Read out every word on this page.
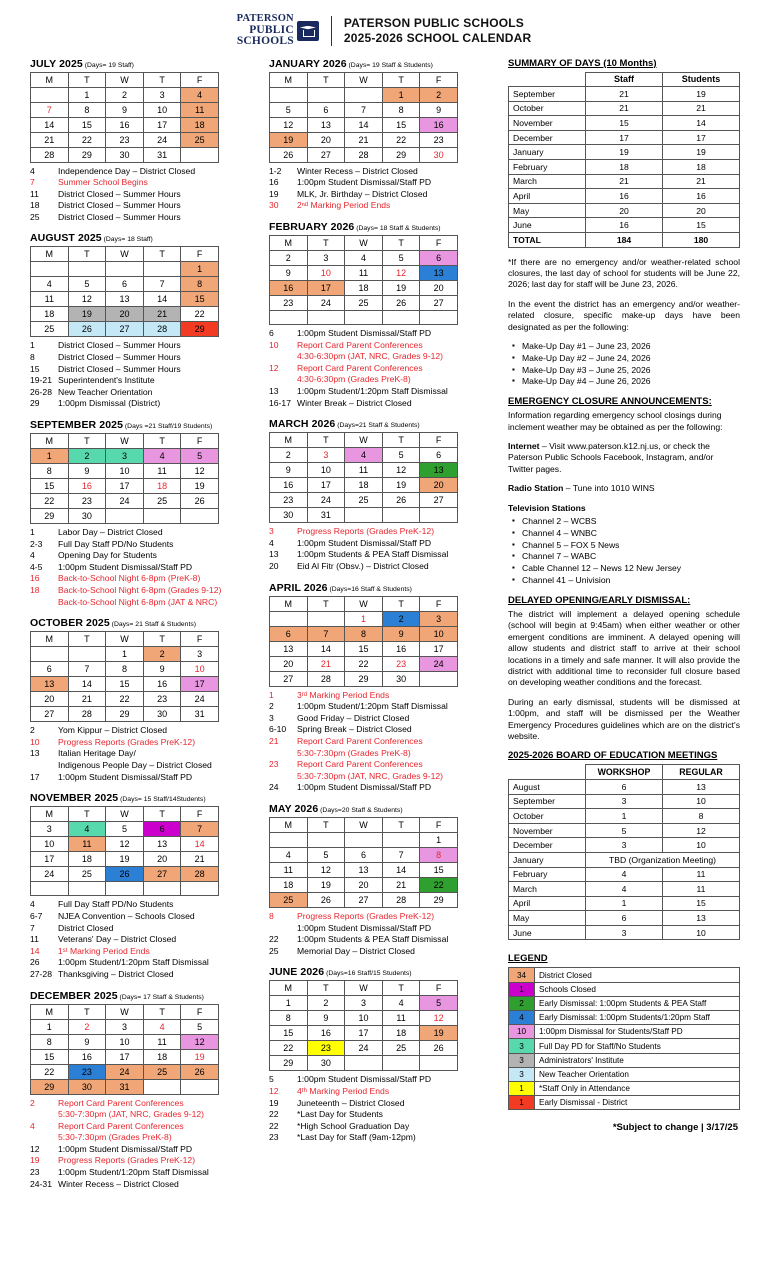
PATERSON
PUBLIC
SCHOOLS
PATERSON PUBLIC SCHOOLS
2025-2026 SCHOOL CALENDAR
JULY 2025 (Days= 19 Staff)
M	T	W	T	F
	1	2	3	4
7	8	9	10	11
14	15	16	17	18
21	22	23	24	25
28	29	30	31	
4	Independence Day – District Closed
7	Summer School Begins
11	District Closed – Summer Hours
18	District Closed – Summer Hours
25	District Closed – Summer Hours
AUGUST 2025 (Days= 18 Staff)
M	T	W	T	F
				1
4	5	6	7	8
11	12	13	14	15
18	19	20	21	22
25	26	27	28	29
1	District Closed – Summer Hours
8	District Closed – Summer Hours
15	District Closed – Summer Hours
19-21 Superintendent's Institute
26-28 New Teacher Orientation
29	1:00pm Dismissal (District)
SEPTEMBER 2025 (Days =21 Staff/19 Students)
M	T	W	T	F
1	2	3	4	5
8	9	10	11	12
15	16	17	18	19
22	23	24	25	26
29	30			
1	Labor Day – District Closed
2-3	Full Day Staff PD/No Students
4	Opening Day for Students
4-5	1:00pm Student Dismissal/Staff PD
16	Back-to-School Night 6-8pm (PreK-8)
18	Back-to-School Night 6-8pm (Grades 9-12)
Back-to-School Night 6-8pm (JAT & NRC)
OCTOBER 2025 (Days= 21 Staff & Students)
M	T	W	T	F
		1	2	3
6	7	8	9	10
13	14	15	16	17
20	21	22	23	24
27	28	29	30	31
2	Yom Kippur – District Closed
10	Progress Reports (Grades PreK-12)
13	Italian Heritage Day/
Indigenous People Day – District Closed
17	1:00pm Student Dismissal/Staff PD
NOVEMBER 2025 (Days= 15 Staff/14Students)
M	T	W	T	F
3	4	5	6	7
10	11	12	13	14
17	18	19	20	21
24	25	26	27	28

4	Full Day Staff PD/No Students
6-7	NJEA Convention – Schools Closed
7	District Closed
11	Veterans' Day – District Closed
14	1ˢᵗ Marking Period Ends
26	1:00pm Student/1:20pm Staff Dismissal
27-28 Thanksgiving – District Closed
DECEMBER 2025 (Days= 17 Staff & Students)
M	T	W	T	F
1	2	3	4	5
8	9	10	11	12
15	16	17	18	19
22	23	24	25	26
29	30	31		
2	Report Card Parent Conferences
5:30-7:30pm (JAT, NRC, Grades 9-12)
4	Report Card Parent Conferences
5:30-7:30pm (Grades PreK-8)
12	1:00pm Student Dismissal/Staff PD
19	Progress Reports (Grades PreK-12)
23	1:00pm Student/1:20pm Staff Dismissal
24-31 Winter Recess – District Closed
JANUARY 2026 (Days= 19 Staff & Students)
M	T	W	T	F
			1	2
5	6	7	8	9
12	13	14	15	16
19	20	21	22	23
26	27	28	29	30
1-2	Winter Recess – District Closed
16	1:00pm Student Dismissal/Staff PD
19	MLK, Jr. Birthday – District Closed
30	2ⁿᵈ Marking Period Ends
FEBRUARY 2026 (Days= 18 Staff & Students)
M	T	W	T	F
2	3	4	5	6
9	10	11	12	13
16	17	18	19	20
23	24	25	26	27

6	1:00pm Student Dismissal/Staff PD
10	Report Card Parent Conferences
4:30-6:30pm (JAT, NRC, Grades 9-12)
12	Report Card Parent Conferences
4:30-6:30pm (Grades PreK-8)
13	1:00pm Student/1:20pm Staff Dismissal
16-17 Winter Break – District Closed
MARCH 2026 (Days=21 Staff & Students)
M	T	W	T	F
2	3	4	5	6
9	10	11	12	13
16	17	18	19	20
23	24	25	26	27
30	31			
3	Progress Reports (Grades PreK-12)
4	1:00pm Student Dismissal/Staff PD
13	1:00pm Students & PEA Staff Dismissal
20	Eid Al Fitr (Obsv.) – District Closed
APRIL 2026 (Days=16 Staff & Students)
M	T	W	T	F
		1	2	3
6	7	8	9	10
13	14	15	16	17
20	21	22	23	24
27	28	29	30	
1	3ʳᵈ Marking Period Ends
2	1:00pm Student/1:20pm Staff Dismissal
3	Good Friday – District Closed
6-10	Spring Break – District Closed
21	Report Card Parent Conferences
5:30-7:30pm (Grades PreK-8)
23	Report Card Parent Conferences
5:30-7:30pm (JAT, NRC, Grades 9-12)
24	1:00pm Student Dismissal/Staff PD
MAY 2026 (Days=20 Staff & Students)
M	T	W	T	F
				1
4	5	6	7	8
11	12	13	14	15
18	19	20	21	22
25	26	27	28	29
8	Progress Reports (Grades PreK-12)
1:00pm Student Dismissal/Staff PD
22	1:00pm Students & PEA Staff Dismissal
25	Memorial Day – District Closed
JUNE 2026 (Days=16 Staff/15 Students)
M	T	W	T	F
1	2	3	4	5
8	9	10	11	12
15	16	17	18	19
22	23	24	25	26
29	30			
5	1:00pm Student Dismissal/Staff PD
12	4ᵗʰ Marking Period Ends
19	Juneteenth – District Closed
22	*Last Day for Students
22	*High School Graduation Day
23	*Last Day for Staff (9am-12pm)
SUMMARY OF DAYS (10 Months)
	Staff	Students
September	21	19
October	21	21
November	15	14
December	17	17
January	19	19
February	18	18
March	21	21
April	16	16
May	20	20
June	16	15
TOTAL	184	180
*If there are no emergency and/or weather-related school closures, the last day of school for students will be June 22, 2026; last day for staff will be June 23, 2026.
In the event the district has an emergency and/or weather-related closure, specific make-up days have been designated as per the following:
▪ Make-Up Day #1 – June 23, 2026
▪ Make-Up Day #2 – June 24, 2026
▪ Make-Up Day #3 – June 25, 2026
▪ Make-Up Day #4 – June 26, 2026
EMERGENCY CLOSURE ANNOUNCEMENTS:
Information regarding emergency school closings during inclement weather may be obtained as per the following:
Internet – Visit www.paterson.k12.nj.us, or check the Paterson Public Schools Facebook, Instagram, and/or Twitter pages.
Radio Station – Tune into 1010 WINS
Television Stations
▪ Channel 2 – WCBS
▪ Channel 4 – WNBC
▪ Channel 5 – FOX 5 News
▪ Channel 7 – WABC
▪ Cable Channel 12 – News 12 New Jersey
▪ Channel 41 – Univision
DELAYED OPENING/EARLY DISMISSAL:
The district will implement a delayed opening schedule (school will begin at 9:45am) when either weather or other emergent conditions are imminent. A delayed opening will allow students and district staff to arrive at their school locations in a timely and safe manner. It will also provide the district with additional time to reconsider full closure based on developing weather conditions and the forecast.
During an early dismissal, students will be dismissed at 1:00pm, and staff will be dismissed per the Weather Emergency Procedures guidelines which are on the district's website.
2025-2026 BOARD OF EDUCATION MEETINGS
	WORKSHOP	REGULAR
August	6	13
September	3	10
October	1	8
November	5	12
December	3	10
January	TBD (Organization Meeting)	
February	4	11
March	4	11
April	1	15
May	6	13
June	3	10
LEGEND
34	District Closed
1	Schools Closed
2	Early Dismissal: 1:00pm Students & PEA Staff
4	Early Dismissal: 1:00pm Students/1:20pm Staff
10	1:00pm Dismissal for Students/Staff PD
3	Full Day PD for Staff/No Students
3	Administrators' Institute
3	New Teacher Orientation
1	*Staff Only in Attendance
1	Early Dismissal - District
*Subject to change | 3/17/25
